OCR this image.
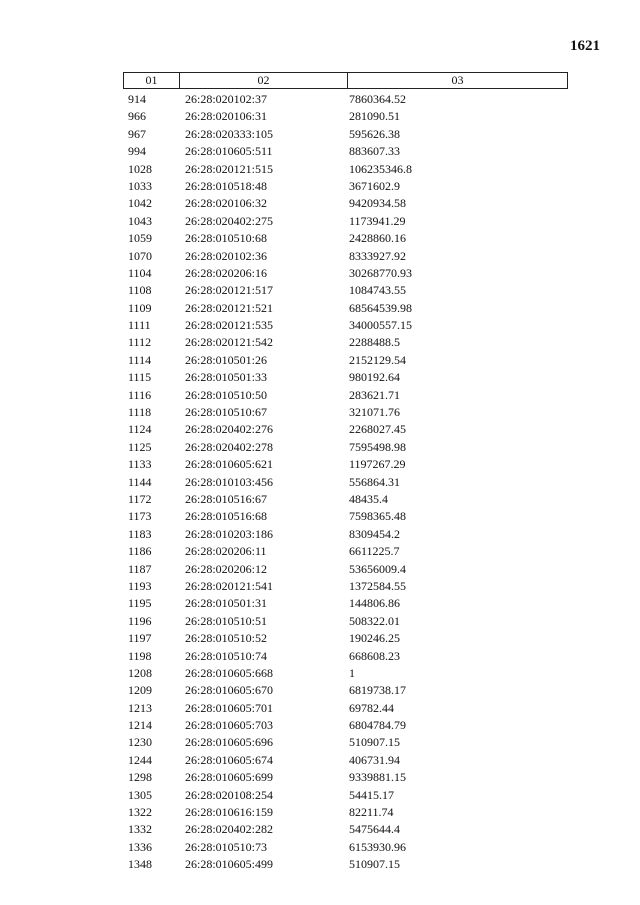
1621
01	02	03
914	26:28:020102:37	7860364.52
966	26:28:020106:31	281090.51
967	26:28:020333:105	595626.38
994	26:28:010605:511	883607.33
1028	26:28:020121:515	106235346.8
1033	26:28:010518:48	3671602.9
1042	26:28:020106:32	9420934.58
1043	26:28:020402:275	1173941.29
1059	26:28:010510:68	2428860.16
1070	26:28:020102:36	8333927.92
1104	26:28:020206:16	30268770.93
1108	26:28:020121:517	1084743.55
1109	26:28:020121:521	68564539.98
1111	26:28:020121:535	34000557.15
1112	26:28:020121:542	2288488.5
1114	26:28:010501:26	2152129.54
1115	26:28:010501:33	980192.64
1116	26:28:010510:50	283621.71
1118	26:28:010510:67	321071.76
1124	26:28:020402:276	2268027.45
1125	26:28:020402:278	7595498.98
1133	26:28:010605:621	1197267.29
1144	26:28:010103:456	556864.31
1172	26:28:010516:67	48435.4
1173	26:28:010516:68	7598365.48
1183	26:28:010203:186	8309454.2
1186	26:28:020206:11	6611225.7
1187	26:28:020206:12	53656009.4
1193	26:28:020121:541	1372584.55
1195	26:28:010501:31	144806.86
1196	26:28:010510:51	508322.01
1197	26:28:010510:52	190246.25
1198	26:28:010510:74	668608.23
1208	26:28:010605:668	1
1209	26:28:010605:670	6819738.17
1213	26:28:010605:701	69782.44
1214	26:28:010605:703	6804784.79
1230	26:28:010605:696	510907.15
1244	26:28:010605:674	406731.94
1298	26:28:010605:699	9339881.15
1305	26:28:020108:254	54415.17
1322	26:28:010616:159	82211.74
1332	26:28:020402:282	5475644.4
1336	26:28:010510:73	6153930.96
1348	26:28:010605:499	510907.15
